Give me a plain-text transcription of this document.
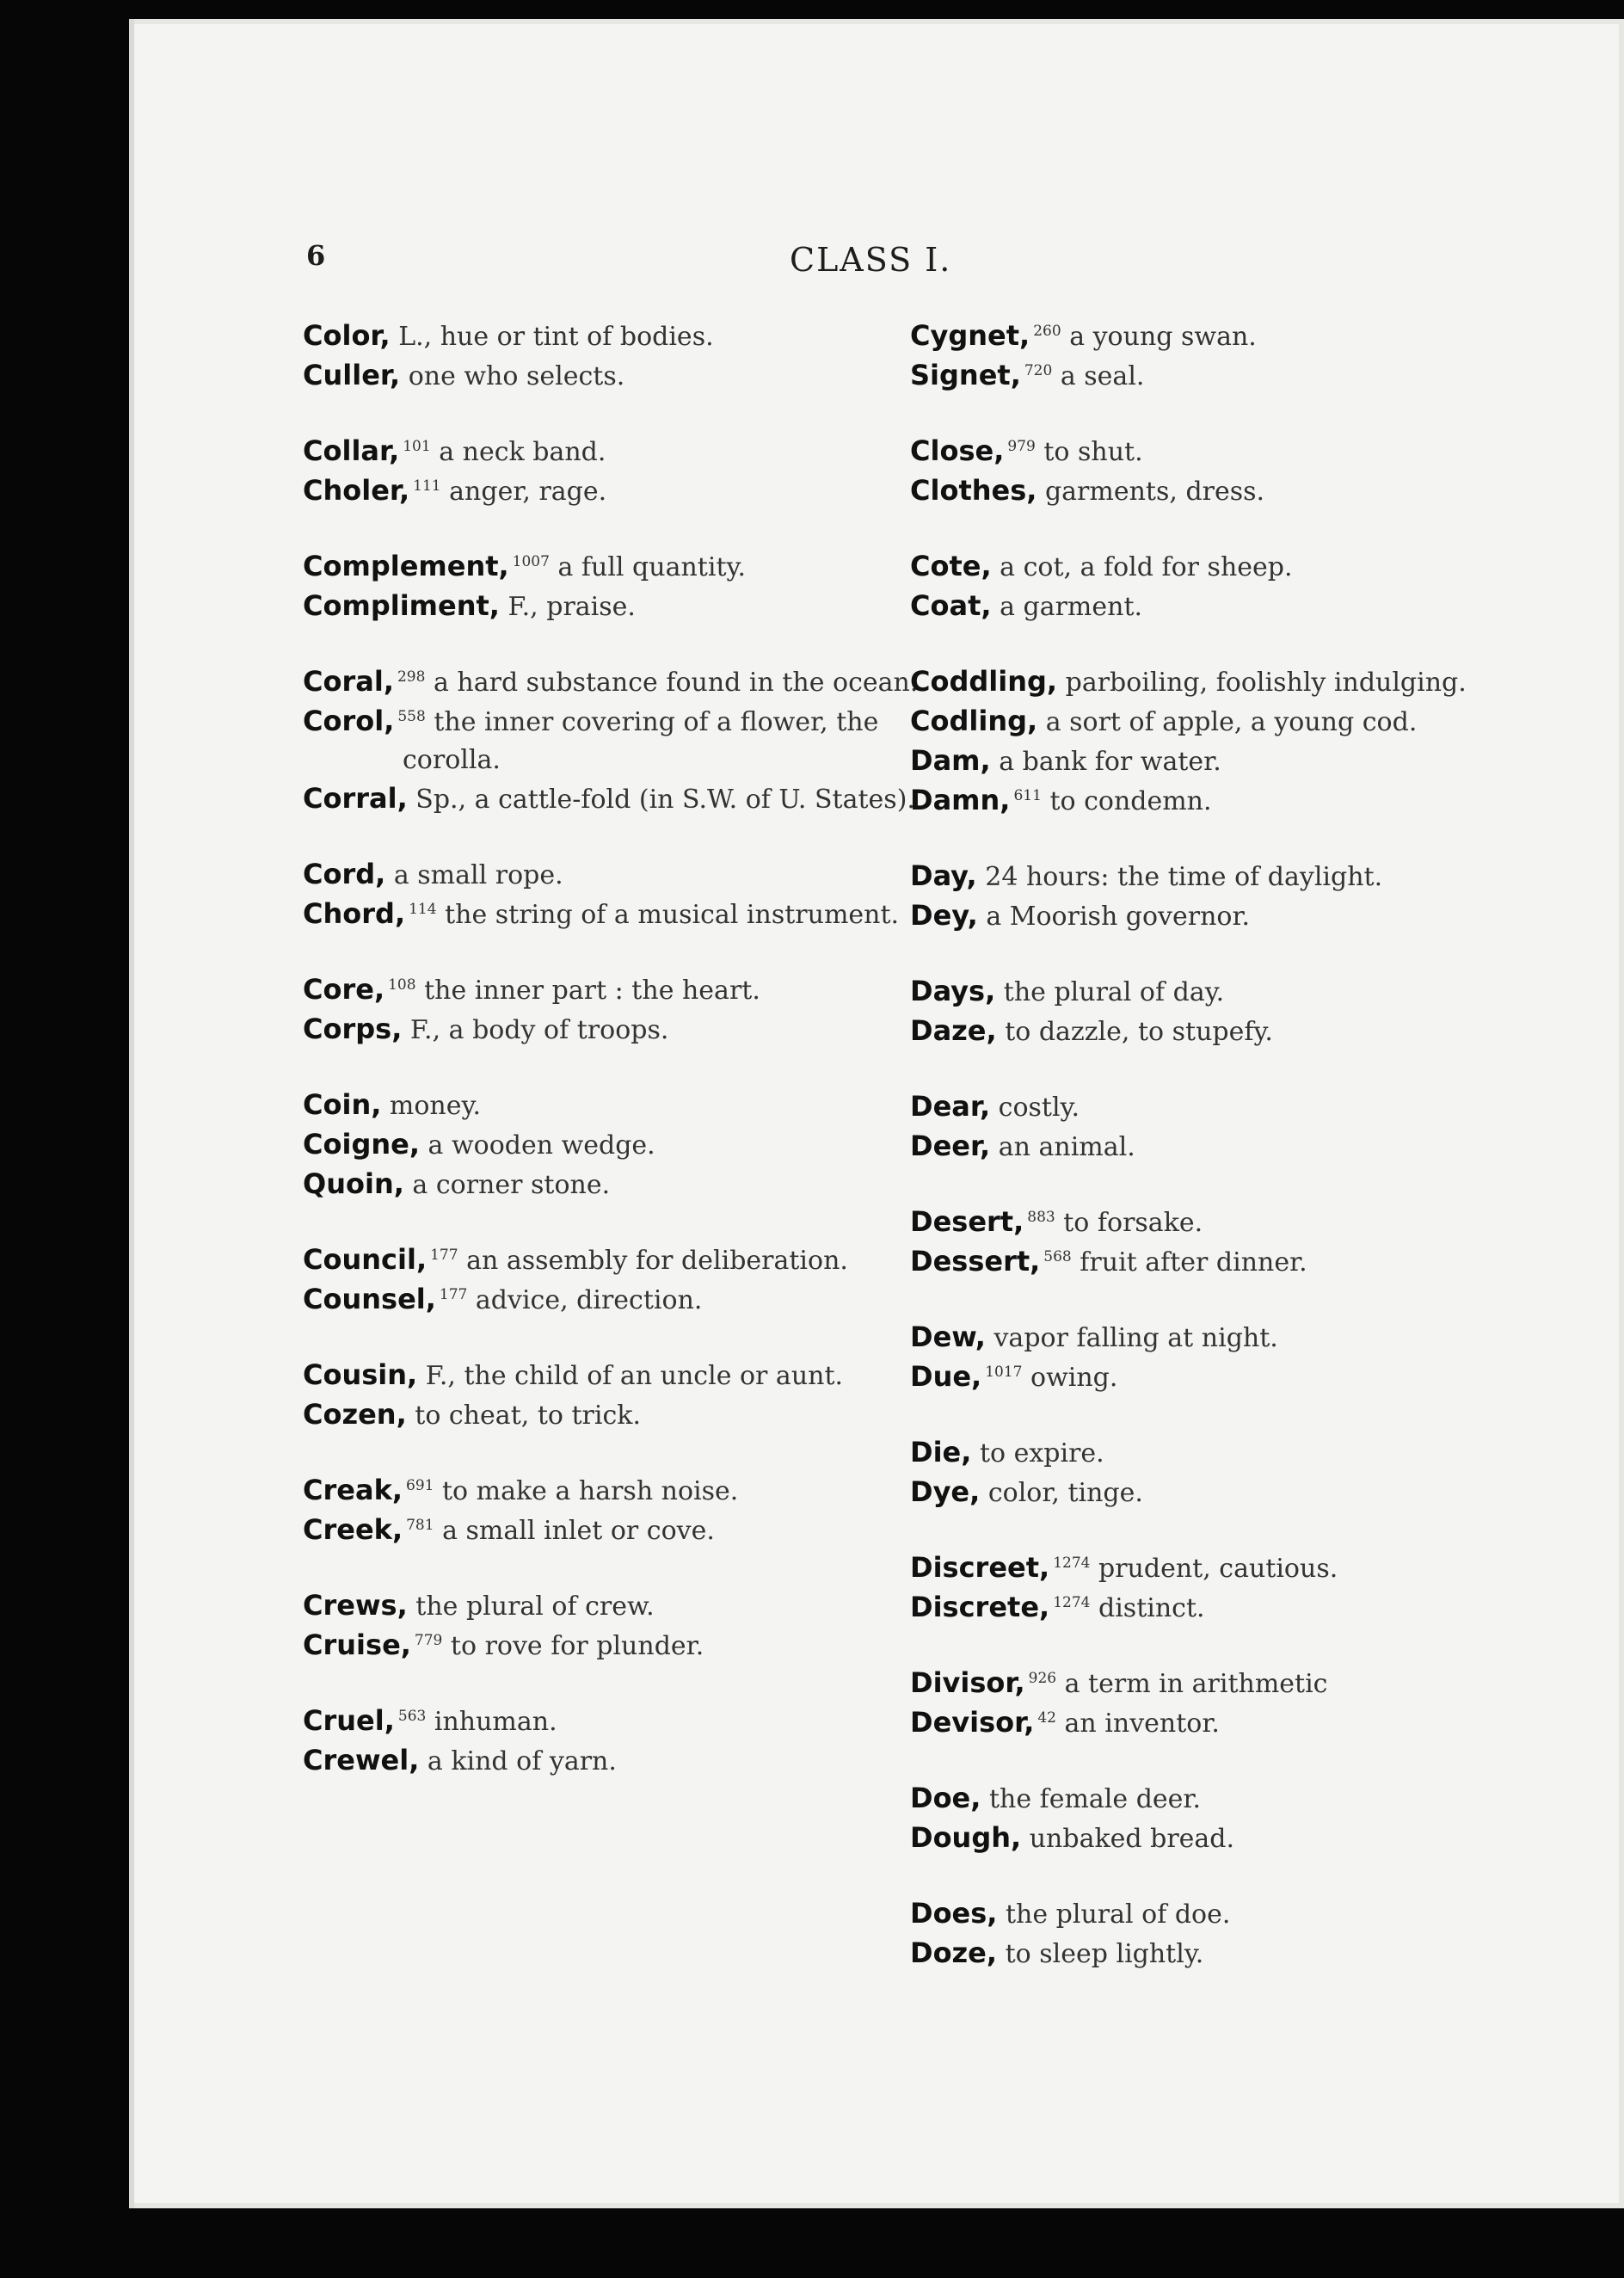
6	CLASS I.
Color, L., hue or tint of bodies.
Culler, one who selects.
Collar, $^{101}$ a neck band.
Choler, $^{111}$ anger, rage.
Complement, $^{1007}$ a full quantity.
Compliment, F., praise.
Coral, $^{298}$ a hard substance found in the ocean.
Corol, $^{558}$ the inner covering of a flower, the corolla.
Corral, Sp., a cattle-fold (in S.W. of U. States).
Cord, a small rope.
Chord, $^{114}$ the string of a musical instrument.
Core, $^{108}$ the inner part : the heart.
Corps, F., a body of troops.
Coin, money.
Coigne, a wooden wedge.
Quoin, a corner stone.
Council, $^{177}$ an assembly for deliberation.
Counsel, $^{177}$ advice, direction.
Cousin, F., the child of an uncle or aunt.
Cozen, to cheat, to trick.
Creak, $^{691}$ to make a harsh noise.
Creek, $^{781}$ a small inlet or cove.
Crews, the plural of crew.
Cruise, $^{779}$ to rove for plunder.
Cruel, $^{563}$ inhuman.
Crewel, a kind of yarn.
Cygnet, $^{260}$ a young swan.
Signet, $^{720}$ a seal.
Close, $^{979}$ to shut.
Clothes, garments, dress.
Cote, a cot, a fold for sheep.
Coat, a garment.
Coddling, parboiling, foolishly indulging.
Codling, a sort of apple, a young cod.
Dam, a bank for water.
Damn, $^{611}$ to condemn.
Day, 24 hours: the time of daylight.
Dey, a Moorish governor.
Days, the plural of day.
Daze, to dazzle, to stupefy.
Dear, costly.
Deer, an animal.
Desert, $^{883}$ to forsake.
Dessert, $^{568}$ fruit after dinner.
Dew, vapor falling at night.
Due, $^{1017}$ owing.
Die, to expire.
Dye, color, tinge.
Discreet, $^{1274}$ prudent, cautious.
Discrete, $^{1274}$ distinct.
Divisor, $^{926}$ a term in arithmetic
Devisor, $^{42}$ an inventor.
Doe, the female deer.
Dough, unbaked bread.
Does, the plural of doe.
Doze, to sleep lightly.
